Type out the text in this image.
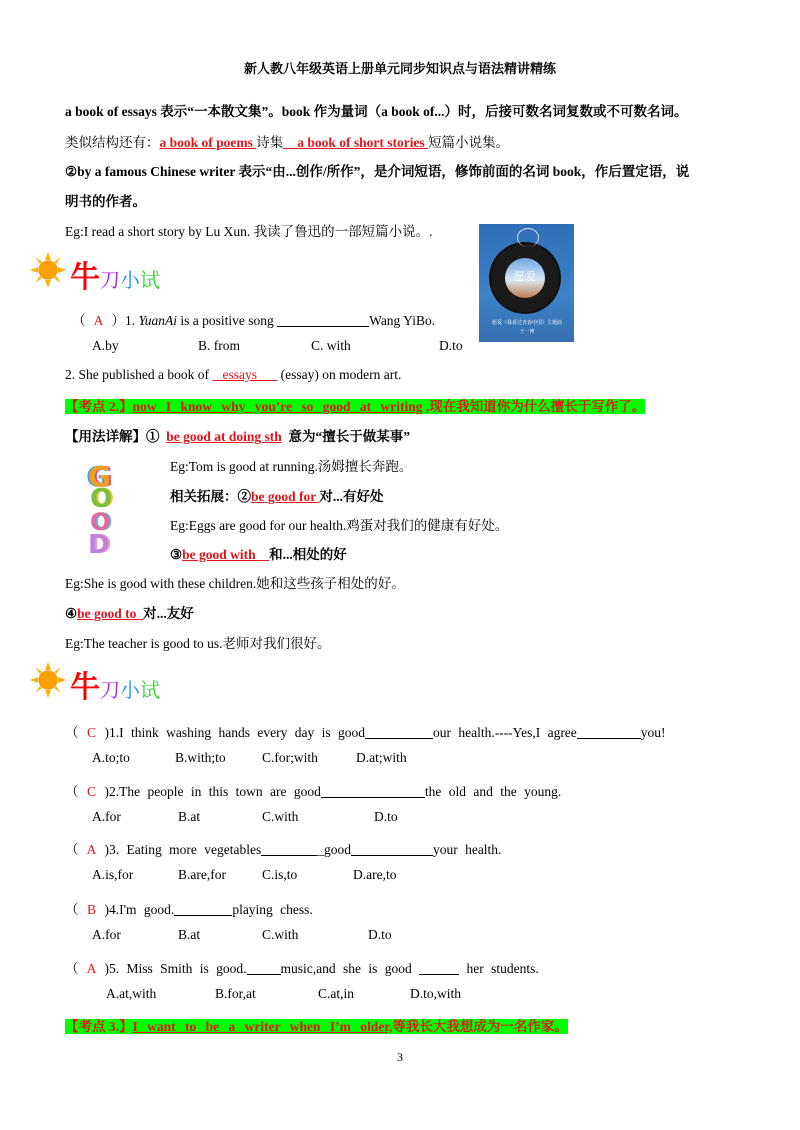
新人教八年级英语上册单元同步知识点与语法精讲精练
a book of essays 表示“一本散文集”。book 作为量词（a book of...）时，后接可数名词复数或不可数名词。
类似结构还有：a book of poems 诗集 a book of short stories 短篇小说集。
②by a famous Chinese writer 表示“由...创作/所作”，是介词短语，修饰前面的名词 book，作后置定语，说
明书的作者。
Eg:I read a short story by Lu Xun. 我读了鲁迅的一部短篇小说。.
愿爱
愿爱《我看过青春中国》主题曲
王一博
牛刀小试
（ A ）1. YuanAi is a positive song	Wang YiBo.
A.by	B. from	C. with	D.to
2. She published a book of    essays       (essay) on modern art.
【考点 2.】now I know why you’re so good at writing ,现在我知道你为什么擅长于写作了。
【用法详解】① be good at doing sth 意为“擅长于做某事”
G
O
O
D
Eg:Tom is good at running.汤姆擅长奔跑。
相关拓展：②be good for 对...有好处
Eg:Eggs are good for our health.鸡蛋对我们的健康有好处。
③be good with    和...相处的好
Eg:She is good with these children.她和这些孩子相处的好。
④be good to  对...友好
Eg:The teacher is good to us.老师对我们很好。
牛刀小试
（ C )1.I think washing hands every day is good	our health.----Yes,I agree	you!
A.to;to	B.with;to	C.for;with	D.at;with
（ C )2.The people in this town are good	the old and the young.
A.for	B.at	C.with	D.to
（ A )3. Eating more vegetables	_good	your health.
A.is,for	B.are,for	C.is,to	D.are,to
（ B )4.I'm good.	playing chess.
A.for	B.at	C.with	D.to
（ A )5. Miss Smith is good.	music,and she is good	her students.
A.at,with	B.for,at	C.at,in	D.to,with
【考点 3.】I want to be a writer when I’m older,等我长大我想成为一名作家。
3
